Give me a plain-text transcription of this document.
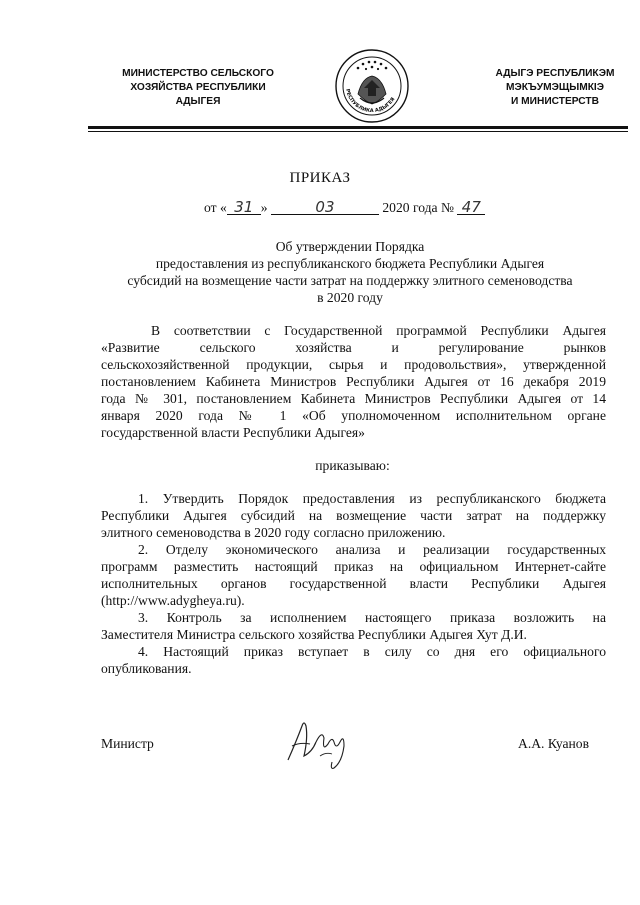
МИНИСТЕРСТВО СЕЛЬСКОГО
ХОЗЯЙСТВА РЕСПУБЛИКИ
АДЫГЕЯ
РЕСПУБЛИКА АДЫГЕЯ
АДЫГЭ РЕСПУБЛИКЭМ
МЭКЪУМЭЩЫМКІЭ
И МИНИСТЕРСТВ
ПРИКАЗ
от « 31 »	03	2020 года № 47
Об утверждении Порядка
предоставления из республиканского бюджета Республики Адыгея
субсидий на возмещение части затрат на поддержку элитного семеноводства
в 2020 году
В соответствии с Государственной программой Республики Адыгея
«Развитие сельского хозяйства и регулирование рынков
сельскохозяйственной продукции, сырья и продовольствия», утвержденной
постановлением Кабинета Министров Республики Адыгея от 16 декабря 2019
года № 301, постановлением Кабинета Министров Республики Адыгея от 14
января 2020 года № 1 «Об уполномоченном исполнительном органе
государственной власти Республики Адыгея»
приказываю:
1. Утвердить Порядок предоставления из республиканского бюджета
Республики Адыгея субсидий на возмещение части затрат на поддержку
элитного семеноводства в 2020 году согласно приложению.
2. Отделу экономического анализа и реализации государственных
программ разместить настоящий приказ на официальном Интернет-сайте
исполнительных органов государственной власти Республики Адыгея
(http://www.adygheya.ru).
3. Контроль за исполнением настоящего приказа возложить на
Заместителя Министра сельского хозяйства Республики Адыгея Хут Д.И.
4. Настоящий приказ вступает в силу со дня его официального
опубликования.
Министр	А.А. Куанов
